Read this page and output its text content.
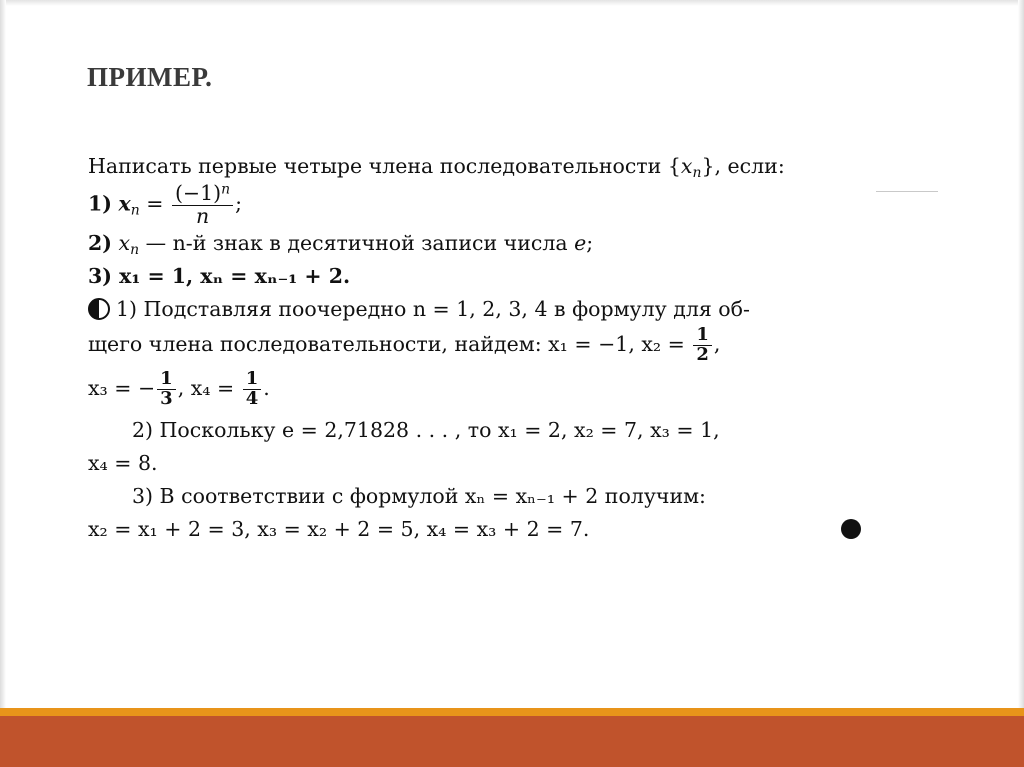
ПРИМЕР.
Написать первые четыре члена последовательности $\{x_n\}$, если:
1) $x_n = \frac{(-1)^n}{n}$ ;
2) $x_n$ — n-й знак в десятичной записи числа e;
3) x₁ = 1, xₙ = xₙ₋₁ + 2.
1) Подставляя поочередно n = 1, 2, 3, 4 в формулу для об-
щего члена последовательности, найдем: x₁ = −1, $x_2 = \frac{1}{2}$ ,
x₃ = − $\frac{1}{3}$ , $x_4 = \frac{1}{4}$ .
2) Поскольку e = 2,71828 . . . , то x₁ = 2, x₂ = 7, x₃ = 1,
x₄ = 8.
3) В соответствии с формулой xₙ = xₙ₋₁ + 2 получим:
x₂ = x₁ + 2 = 3, x₃ = x₂ + 2 = 5, x₄ = x₃ + 2 = 7.
